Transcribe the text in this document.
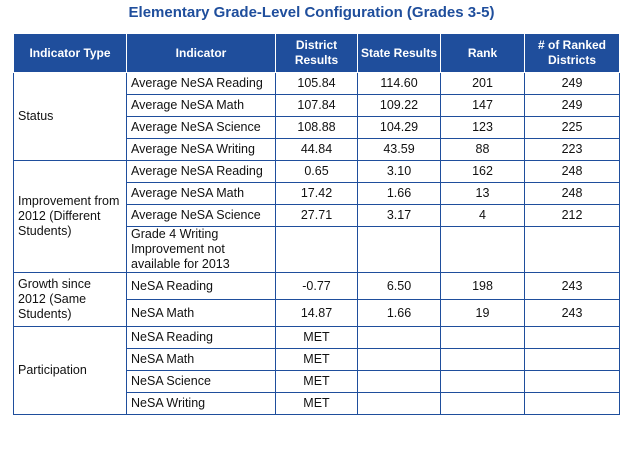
Elementary Grade-Level Configuration (Grades 3-5)
Indicator Type	Indicator	District Results	State Results	Rank	# of Ranked Districts
Status	Average NeSA Reading	105.84	114.60	201	249
	Average NeSA Math	107.84	109.22	147	249
	Average NeSA Science	108.88	104.29	123	225
	Average NeSA Writing	44.84	43.59	88	223
Improvement from 2012 (Different Students)	Average NeSA Reading	0.65	3.10	162	248
	Average NeSA Math	17.42	1.66	13	248
	Average NeSA Science	27.71	3.17	4	212
	Grade 4 Writing Improvement not available for 2013				
Growth since 2012 (Same Students)	NeSA Reading	-0.77	6.50	198	243
	NeSA Math	14.87	1.66	19	243
Participation	NeSA Reading	MET			
	NeSA Math	MET			
	NeSA Science	MET			
	NeSA Writing	MET			
